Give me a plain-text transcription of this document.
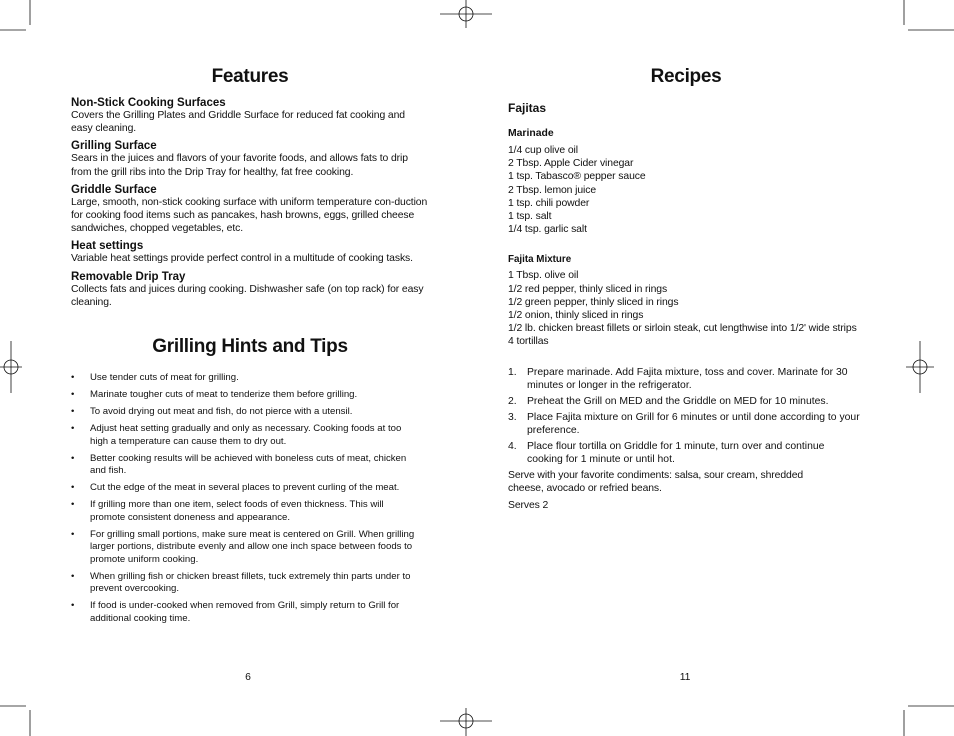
Features
Non-Stick Cooking Surfaces
Covers the Grilling Plates and Griddle Surface for reduced fat cooking and easy cleaning.
Grilling Surface
Sears in the juices and flavors of your favorite foods, and allows fats to drip from the grill ribs into the Drip Tray for healthy, fat free cooking.
Griddle Surface
Large, smooth, non-stick cooking surface with uniform temperature con-duction for cooking food items such as pancakes, hash browns, eggs, grilled cheese sandwiches, chopped vegetables, etc.
Heat settings
Variable heat settings provide perfect control in a multitude of cooking tasks.
Removable Drip Tray
Collects fats and juices during cooking. Dishwasher safe (on top rack) for easy cleaning.
Grilling Hints and Tips
• Use tender cuts of meat for grilling.
• Marinate tougher cuts of meat to tenderize them before grilling.
• To avoid drying out meat and fish, do not pierce with a utensil.
• Adjust heat setting gradually and only as necessary. Cooking foods at too high a temperature can cause them to dry out.
• Better cooking results will be achieved with boneless cuts of meat, chicken and fish.
• Cut the edge of the meat in several places to prevent curling of the meat.
• If grilling more than one item, select foods of even thickness. This will promote consistent doneness and appearance.
• For grilling small portions, make sure meat is centered on Grill. When grilling larger portions, distribute evenly and allow one inch space between foods to promote uniform cooking.
• When grilling fish or chicken breast fillets, tuck extremely thin parts under to prevent overcooking.
• If food is under-cooked when removed from Grill, simply return to Grill for additional cooking time.
6
Recipes
Fajitas
Marinade
1/4 cup olive oil
2 Tbsp. Apple Cider vinegar
1 tsp. Tabasco® pepper sauce
2 Tbsp. lemon juice
1 tsp. chili powder
1 tsp. salt
1/4 tsp. garlic salt
Fajita Mixture
1 Tbsp. olive oil
1/2 red pepper, thinly sliced in rings
1/2 green pepper, thinly sliced in rings
1/2 onion, thinly sliced in rings
1/2 lb. chicken breast fillets or sirloin steak, cut lengthwise into 1/2' wide strips
4 tortillas
1. Prepare marinade. Add Fajita mixture, toss and cover. Marinate for 30 minutes or longer in the refrigerator.
2. Preheat the Grill on MED and the Griddle on MED for 10 minutes.
3. Place Fajita mixture on Grill for 6 minutes or until done according to your preference.
4. Place flour tortilla on Griddle for 1 minute, turn over and continue cooking for 1 minute or until hot.
Serve with your favorite condiments: salsa, sour cream, shredded cheese, avocado or refried beans.
Serves 2
11
